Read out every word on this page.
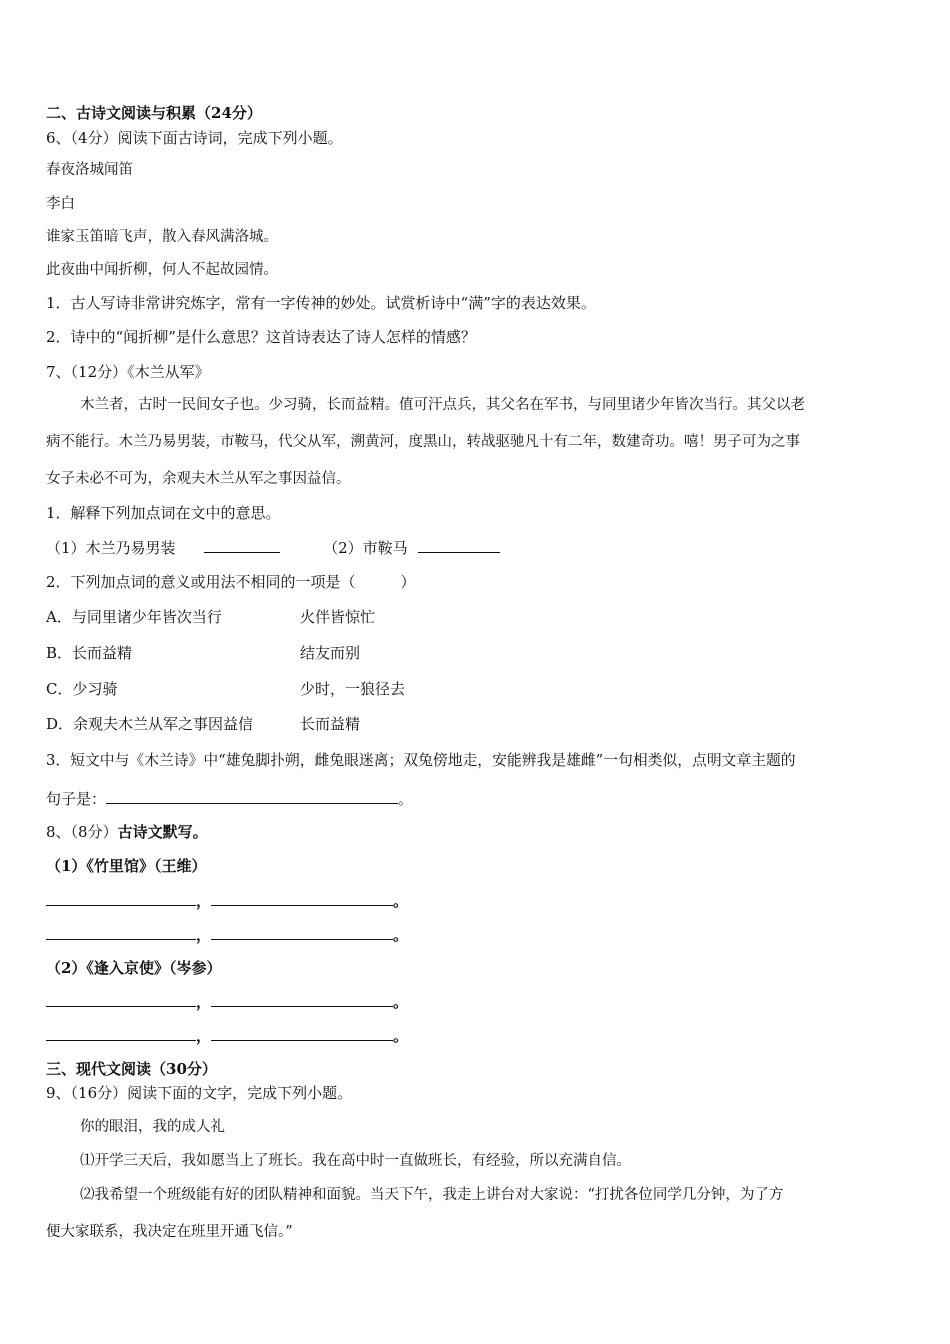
二、古诗文阅读与积累（24分）
6、（4分）阅读下面古诗词，完成下列小题。
春夜洛城闻笛
李白
谁家玉笛暗飞声，散入春风满洛城。
此夜曲中闻折柳，何人不起故园情。
1．古人写诗非常讲究炼字，常有一字传神的妙处。试赏析诗中“满”字的表达效果。
2．诗中的“闻折柳”是什么意思？这首诗表达了诗人怎样的情感？
7、（12分）《木兰从军》
木兰者，古时一民间女子也。少习骑，长而益精。值可汗点兵，其父名在军书，与同里诸少年皆次当行。其父以老
病不能行。木兰乃易男装，市鞍马，代父从军，溯黄河，度黑山，转战驱驰凡十有二年，数建奇功。嘻！男子可为之事
女子未必不可为，余观夫木兰从军之事因益信。
1．解释下列加点词在文中的意思。
（1）木兰乃易男装	（2）市鞍马
2．下列加点词的意义或用法不相同的一项是（　　　）
A．与同里诸少年皆次当行	火伴皆惊忙
B．长而益精	结友而别
C．少习骑	少时，一狼径去
D．余观夫木兰从军之事因益信	长而益精
3．短文中与《木兰诗》中“雄兔脚扑朔，雌兔眼迷离；双兔傍地走，安能辨我是雄雌”一句相类似，点明文章主题的
句子是：	。
8、（8分）古诗文默写。
（1）《竹里馆》（王维）
，	。
，	。
（2）《逢入京使》（岑参）
，	。
，	。
三、现代文阅读（30分）
9、（16分）阅读下面的文字，完成下列小题。
你的眼泪，我的成人礼
⑴开学三天后，我如愿当上了班长。我在高中时一直做班长，有经验，所以充满自信。
⑵我希望一个班级能有好的团队精神和面貌。当天下午，我走上讲台对大家说：“打扰各位同学几分钟，为了方
便大家联系，我决定在班里开通飞信。”
